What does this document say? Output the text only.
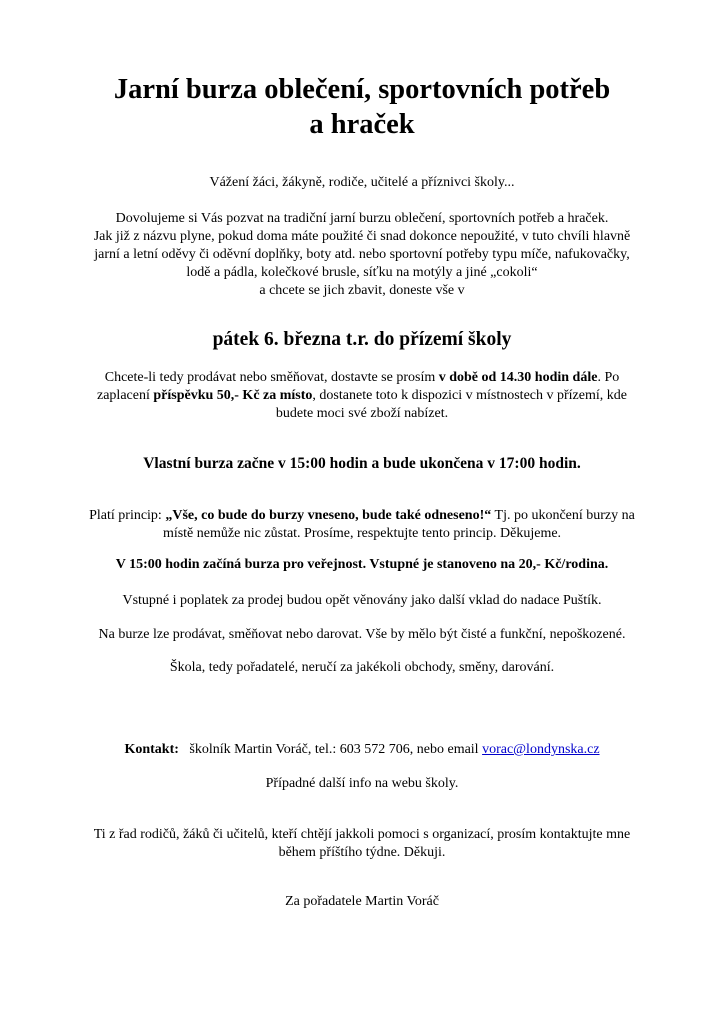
Jarní burza oblečení, sportovních potřeb
a hraček

Vážení žáci, žákyně, rodiče, učitelé a příznivci školy...

Dovolujeme si Vás pozvat na tradiční jarní burzu oblečení, sportovních potřeb a hraček.
Jak již z názvu plyne, pokud doma máte použité či snad dokonce nepoužité, v tuto chvíli hlavně
jarní a letní oděvy či oděvní doplňky, boty atd. nebo sportovní potřeby typu míče, nafukovačky,
lodě a pádla, kolečkové brusle, síťku na motýly a jiné „cokoli“
a chcete se jich zbavit, doneste vše v

pátek 6. března t.r. do přízemí školy

Chcete-li tedy prodávat nebo směňovat, dostavte se prosím v době od 14.30 hodin dále. Po
zaplacení příspěvku 50,- Kč za místo, dostanete toto k dispozici v místnostech v přízemí, kde
budete moci své zboží nabízet.

Vlastní burza začne v 15:00 hodin a bude ukončena v 17:00 hodin.

Platí princip: „Vše, co bude do burzy vneseno, bude také odneseno!“ Tj. po ukončení burzy na
místě nemůže nic zůstat. Prosíme, respektujte tento princip. Děkujeme.

V 15:00 hodin začíná burza pro veřejnost. Vstupné je stanoveno na 20,- Kč/rodina.

Vstupné i poplatek za prodej budou opět věnovány jako další vklad do nadace Puštík.

Na burze lze prodávat, směňovat nebo darovat. Vše by mělo být čisté a funkční, nepoškozené.

Škola, tedy pořadatelé, neručí za jakékoli obchody, směny, darování.

Kontakt: školník Martin Voráč, tel.: 603 572 706, nebo email vorac@londynska.cz

Případné další info na webu školy.

Ti z řad rodičů, žáků či učitelů, kteří chtějí jakkoli pomoci s organizací, prosím kontaktujte mne
během příštího týdne. Děkuji.

Za pořadatele Martin Voráč
